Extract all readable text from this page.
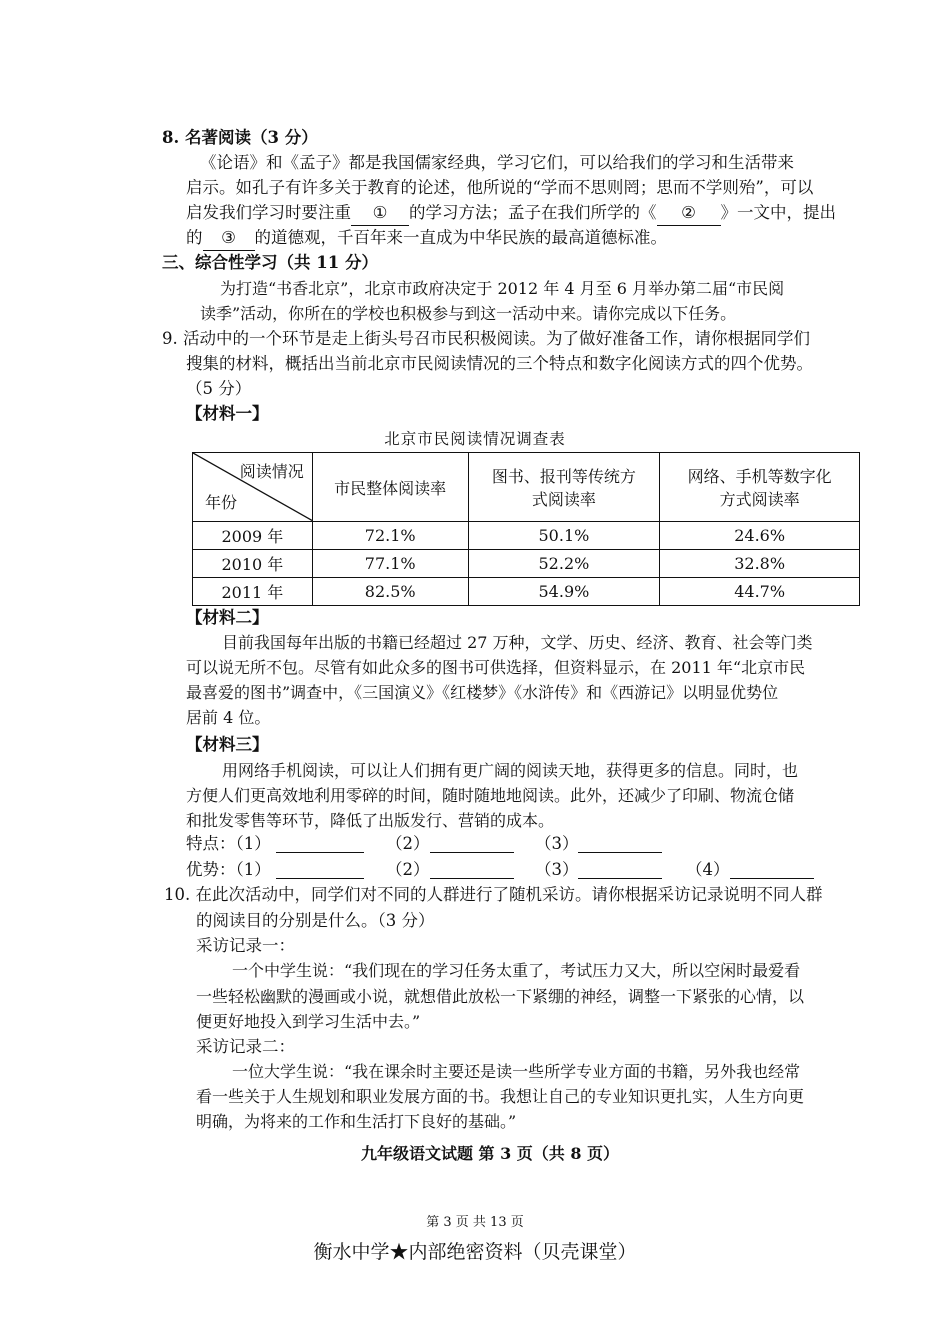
8. 名著阅读（3 分）
《论语》和《孟子》都是我国儒家经典，学习它们，可以给我们的学习和生活带来
启示。如孔子有许多关于教育的论述，他所说的“学而不思则罔；思而不学则殆”，可以
启发我们学习时要注重 ① 的学习方法；孟子在我们所学的《 ② 》一文中，提出
的 ③ 的道德观，千百年来一直成为中华民族的最高道德标准。
三、综合性学习（共 11 分）
为打造“书香北京”，北京市政府决定于 2012 年 4 月至 6 月举办第二届“市民阅
读季”活动，你所在的学校也积极参与到这一活动中来。请你完成以下任务。
9. 活动中的一个环节是走上街头号召市民积极阅读。为了做好准备工作，请你根据同学们
搜集的材料，概括出当前北京市民阅读情况的三个特点和数字化阅读方式的四个优势。
（5 分）
【材料一】
北京市民阅读情况调查表
阅读情况
年份	市民整体阅读率	图书、报刊等传统方式阅读率	网络、手机等数字化方式阅读率
2009 年	72.1%	50.1%	24.6%
2010 年	77.1%	52.2%	32.8%
2011 年	82.5%	54.9%	44.7%
【材料二】
目前我国每年出版的书籍已经超过 27 万种，文学、历史、经济、教育、社会等门类
可以说无所不包。尽管有如此众多的图书可供选择，但资料显示，在 2011 年“北京市民
最喜爱的图书”调查中，《三国演义》《红楼梦》《水浒传》和《西游记》以明显优势位
居前 4 位。
【材料三】
用网络手机阅读，可以让人们拥有更广阔的阅读天地，获得更多的信息。同时，也
方便人们更高效地利用零碎的时间，随时随地地阅读。此外，还减少了印刷、物流仓储
和批发零售等环节，降低了出版发行、营销的成本。
特点：（1）	（2）	（3）
优势：（1）	（2）	（3）	（4）
10. 在此次活动中，同学们对不同的人群进行了随机采访。请你根据采访记录说明不同人群
的阅读目的分别是什么。（3 分）
采访记录一：
一个中学生说：“我们现在的学习任务太重了，考试压力又大，所以空闲时最爱看
一些轻松幽默的漫画或小说，就想借此放松一下紧绷的神经，调整一下紧张的心情，以
便更好地投入到学习生活中去。”
采访记录二：
一位大学生说：“我在课余时主要还是读一些所学专业方面的书籍，另外我也经常
看一些关于人生规划和职业发展方面的书。我想让自己的专业知识更扎实，人生方向更
明确，为将来的工作和生活打下良好的基础。”
九年级语文试题 第 3 页（共 8 页）
第 3 页 共 13 页
衡水中学★内部绝密资料（贝壳课堂）
